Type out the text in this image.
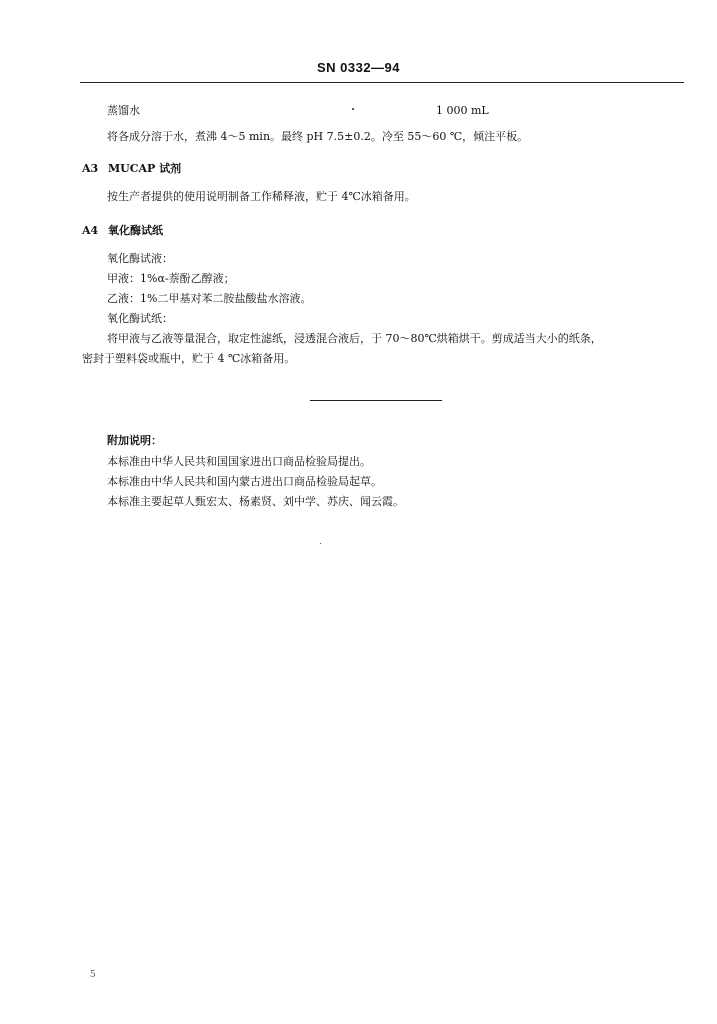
SN 0332—94
蒸馏水	1 000 mL
将各成分溶于水，煮沸 4～5 min。最终 pH 7.5±0.2。冷至 55～60 ℃，倾注平板。
A3 MUCAP 试剂
按生产者提供的使用说明制备工作稀释液，贮于 4℃冰箱备用。
A4 氧化酶试纸
氧化酶试液：
甲液：1%α-萘酚乙醇液；
乙液：1%二甲基对苯二胺盐酸盐水溶液。
氧化酶试纸：
将甲液与乙液等量混合，取定性滤纸，浸透混合液后，于 70～80℃烘箱烘干。剪成适当大小的纸条，
密封于塑料袋或瓶中，贮于 4 ℃冰箱备用。
附加说明：
本标准由中华人民共和国国家进出口商品检验局提出。
本标准由中华人民共和国内蒙古进出口商品检验局起草。
本标准主要起草人甄宏太、杨素贤、刘中学、苏庆、闻云霞。
5
